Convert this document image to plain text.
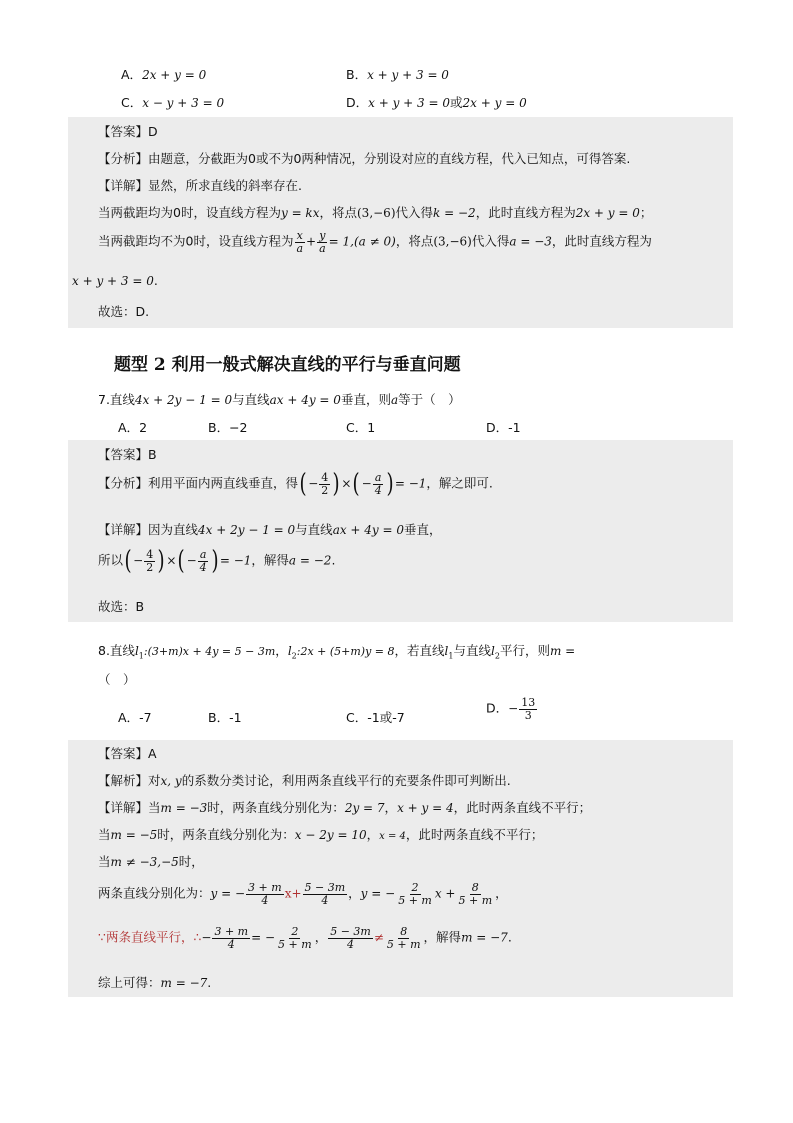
A．2x + y = 0	B．x + y + 3 = 0
C．x − y + 3 = 0	D．x + y + 3 = 0或2x + y = 0
【答案】D
【分析】由题意，分截距为0或不为0两种情况，分别设对应的直线方程，代入已知点，可得答案.
【详解】显然，所求直线的斜率存在.
当两截距均为0时，设直线方程为y = kx，将点(3,−6)代入得k = −2，此时直线方程为2x + y = 0；
当两截距均不为0时，设直线方程为 $\frac{x}{a} + \frac{y}{a} = 1,(a \ne 0)$，将点(3,−6)代入得a = −3，此时直线方程为
x + y + 3 = 0.
故选：D.
题型 2 利用一般式解决直线的平行与垂直问题
7.直线4x + 2y − 1 = 0与直线ax + 4y = 0垂直，则a等于（　）
A．2	B．−2	C．1	D．-1
【答案】B
【分析】利用平面内两直线垂直，得( − $\frac{4}{2}$ ) ×( − $\frac{a}{4}$ ) = −1，解之即可.
【详解】因为直线4x + 2y − 1 = 0与直线ax + 4y = 0垂直，
所以( − $\frac{4}{2}$ ) ×( − $\frac{a}{4}$ ) = −1，解得a = −2.
故选：B
8.直线$l_1:(3+m)x + 4y = 5 - 3m$，$l_2:2x + (5+m)y = 8$，若直线$l_1$与直线$l_2$平行，则m =
（　）
A．-7	B．-1	C．-1或-7
D．− $\frac{13}{3}$
【答案】A
【解析】对x, y的系数分类讨论，利用两条直线平行的充要条件即可判断出.
【详解】当m = −3时，两条直线分别化为：2y = 7，x + y = 4，此时两条直线不平行；
当m = −5时，两条直线分别化为：x − 2y = 10，x = 4，此时两条直线不平行；
当m ≠ −3,−5时，
两条直线分别化为：y = − $\frac{3 + m}{4} x+ \frac{5 - 3m}{4}$ ，y = − $\frac{2}{5 + m}$ $x + \frac{8}{5 + m}$ ，
∵两条直线平行，∴− $\frac{3 + m}{4}$ = − $\frac{2}{5 + m}$ ， $\frac{5 - 3m}{4} \ne \frac{8}{5 + m}$ ，解得m = −7.
综上可得：m = −7.
